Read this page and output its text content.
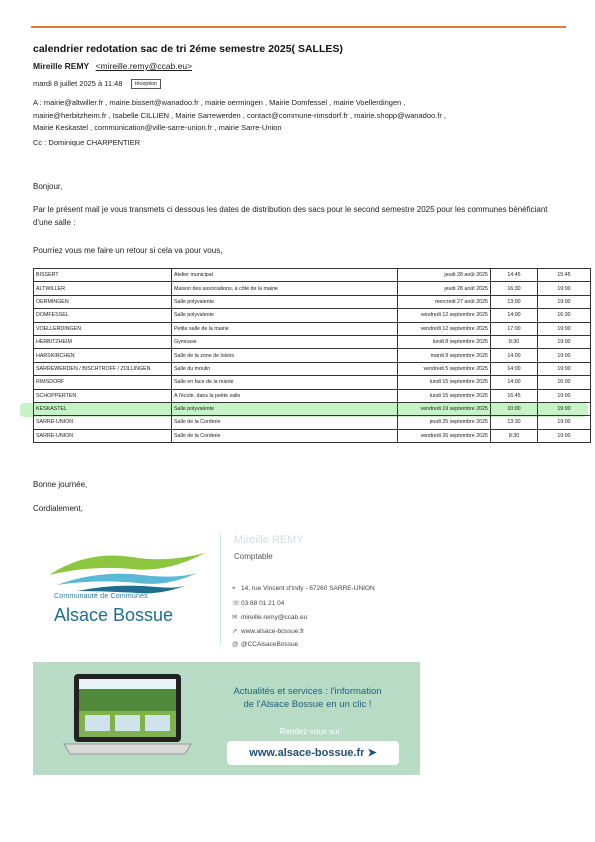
calendrier redotation sac de tri 2éme semestre 2025( SALLES)
Mireille REMY <mireille.remy@ccab.eu>
mardi 8 juillet 2025 à 11:48 réception
A : mairie@altwiller.fr , mairie.bissert@wanadoo.fr , mairie oermingen , Mairie Domfessel , mairie Voellerdingen ,
mairie@herbitzheim.fr , Isabelle CILLIEN , Mairie Sarrewerden , contact@commune-rimsdorf.fr , mairie.shopp@wanadoo.fr ,
Mairie Keskastel , communication@ville-sarre-union.fr , mairie Sarre-Union
Cc : Dominique CHARPENTIER
Bonjour,
Par le présent mail je vous transmets ci dessous les dates de distribution des sacs pour le second semestre 2025 pour les communes bénéficiant d'une salle :
Pourriez vous me faire un retour si cela va pour vous,
BISSERT	Atelier municipal	jeudi 28 août 2025	14:45	15:45
ALTWILLER	Maison des associations, à côté de la mairie	jeudi 28 août 2025	16:30	19:00
OERMINGEN	Salle polyvalente	mercredi 27 août 2025	13:00	19:00
DOMFESSEL	Salle polyvalente	vendredi 12 septembre 2025	14:00	16:30
VOELLERDINGEN	Petite salle de la mairie	vendredi 12 septembre 2025	17:00	19:00
HERBITZHEIM	Gymnase	lundi 8 septembre 2025	8:30	19:00
HARSKIRCHEN	Salle de la zone de loisirs	mardi 9 septembre 2025	14:00	19:00
SARREWERDEN / BISCHTROFF / ZOLLINGEN	Salle du moulin	vendredi 5 septembre 2025	14:00	19:00
RIMSDORF	Salle en face de la mairie	lundi 15 septembre 2025	14:00	16:00
SCHOPPERTEN	A l'école, dans la petite salle	lundi 15 septembre 2025	16:45	19:00
KESKASTEL	Salle polyvalente	vendredi 19 septembre 2025	10:00	19:00
SARRE-UNION	Salle de la Corderie	jeudi 25 septembre 2025	13:30	19:00
SARRE-UNION	Salle de la Corderie	vendredi 26 septembre 2025	8:30	19:00
Bonne journée,
Cordialement,
Communauté de Communes
Alsace Bossue
Mireille REMY
Comptable
⌖ 14, rue Vincent d'Indy - 67260 SARRE-UNION
☏03 88 01 21 04
✉ mireille.remy@ccab.eu
➚ www.alsace-bossue.fr
@ @CCAlsaceBossue
Actualités et services : l'information
de l'Alsace Bossue en un clic !
Rendez-vous sur
www.alsace-bossue.fr ➤
